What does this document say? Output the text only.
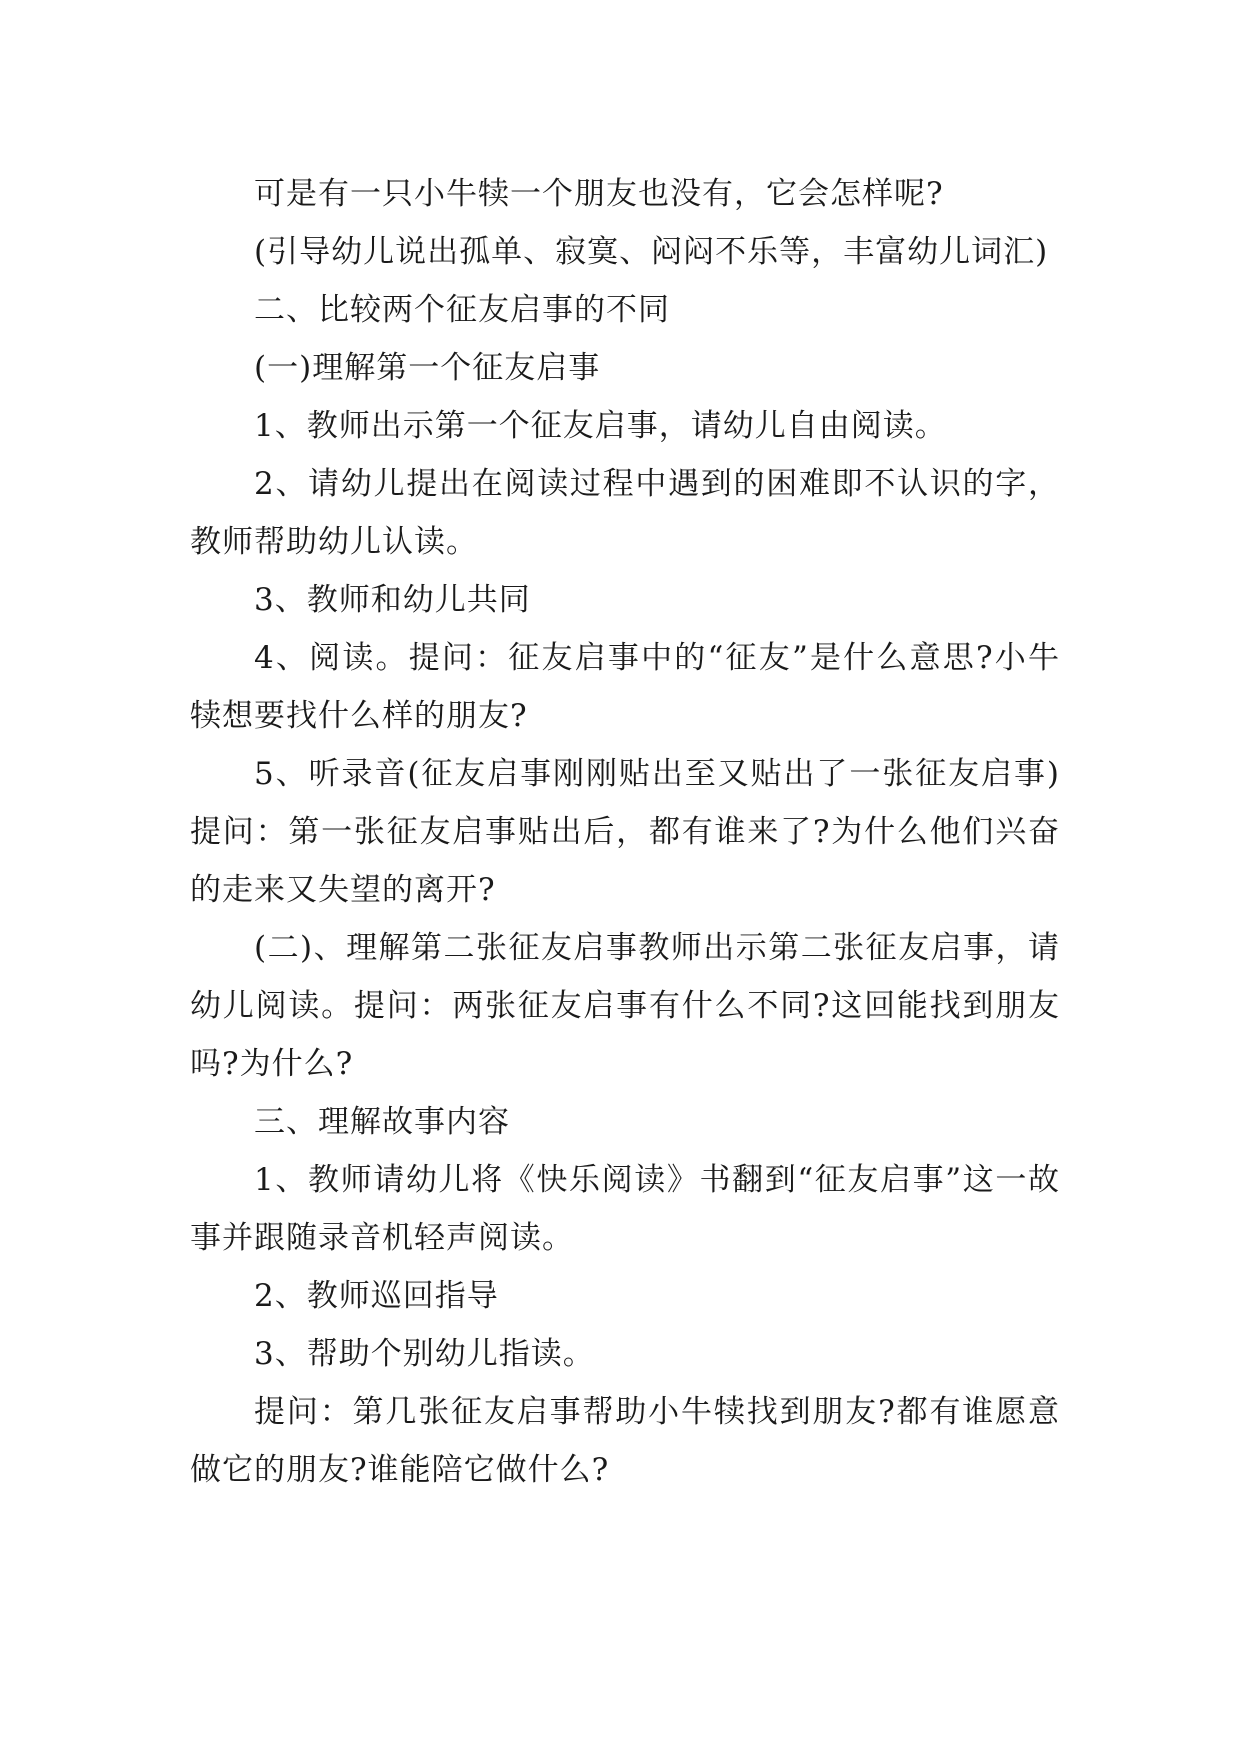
可是有一只小牛犊一个朋友也没有，它会怎样呢?

(引导幼儿说出孤单、寂寞、闷闷不乐等，丰富幼儿词汇)

二、比较两个征友启事的不同

(一)理解第一个征友启事

1、教师出示第一个征友启事，请幼儿自由阅读。

2、请幼儿提出在阅读过程中遇到的困难即不认识的字，教师帮助幼儿认读。

3、教师和幼儿共同

4、阅读。提问：征友启事中的“征友”是什么意思?小牛犊想要找什么样的朋友?

5、听录音(征友启事刚刚贴出至又贴出了一张征友启事)提问：第一张征友启事贴出后，都有谁来了?为什么他们兴奋的走来又失望的离开?

(二)、理解第二张征友启事教师出示第二张征友启事，请幼儿阅读。提问：两张征友启事有什么不同?这回能找到朋友吗?为什么?

三、理解故事内容

1、教师请幼儿将《快乐阅读》书翻到“征友启事”这一故事并跟随录音机轻声阅读。

2、教师巡回指导

3、帮助个别幼儿指读。

提问：第几张征友启事帮助小牛犊找到朋友?都有谁愿意做它的朋友?谁能陪它做什么?
